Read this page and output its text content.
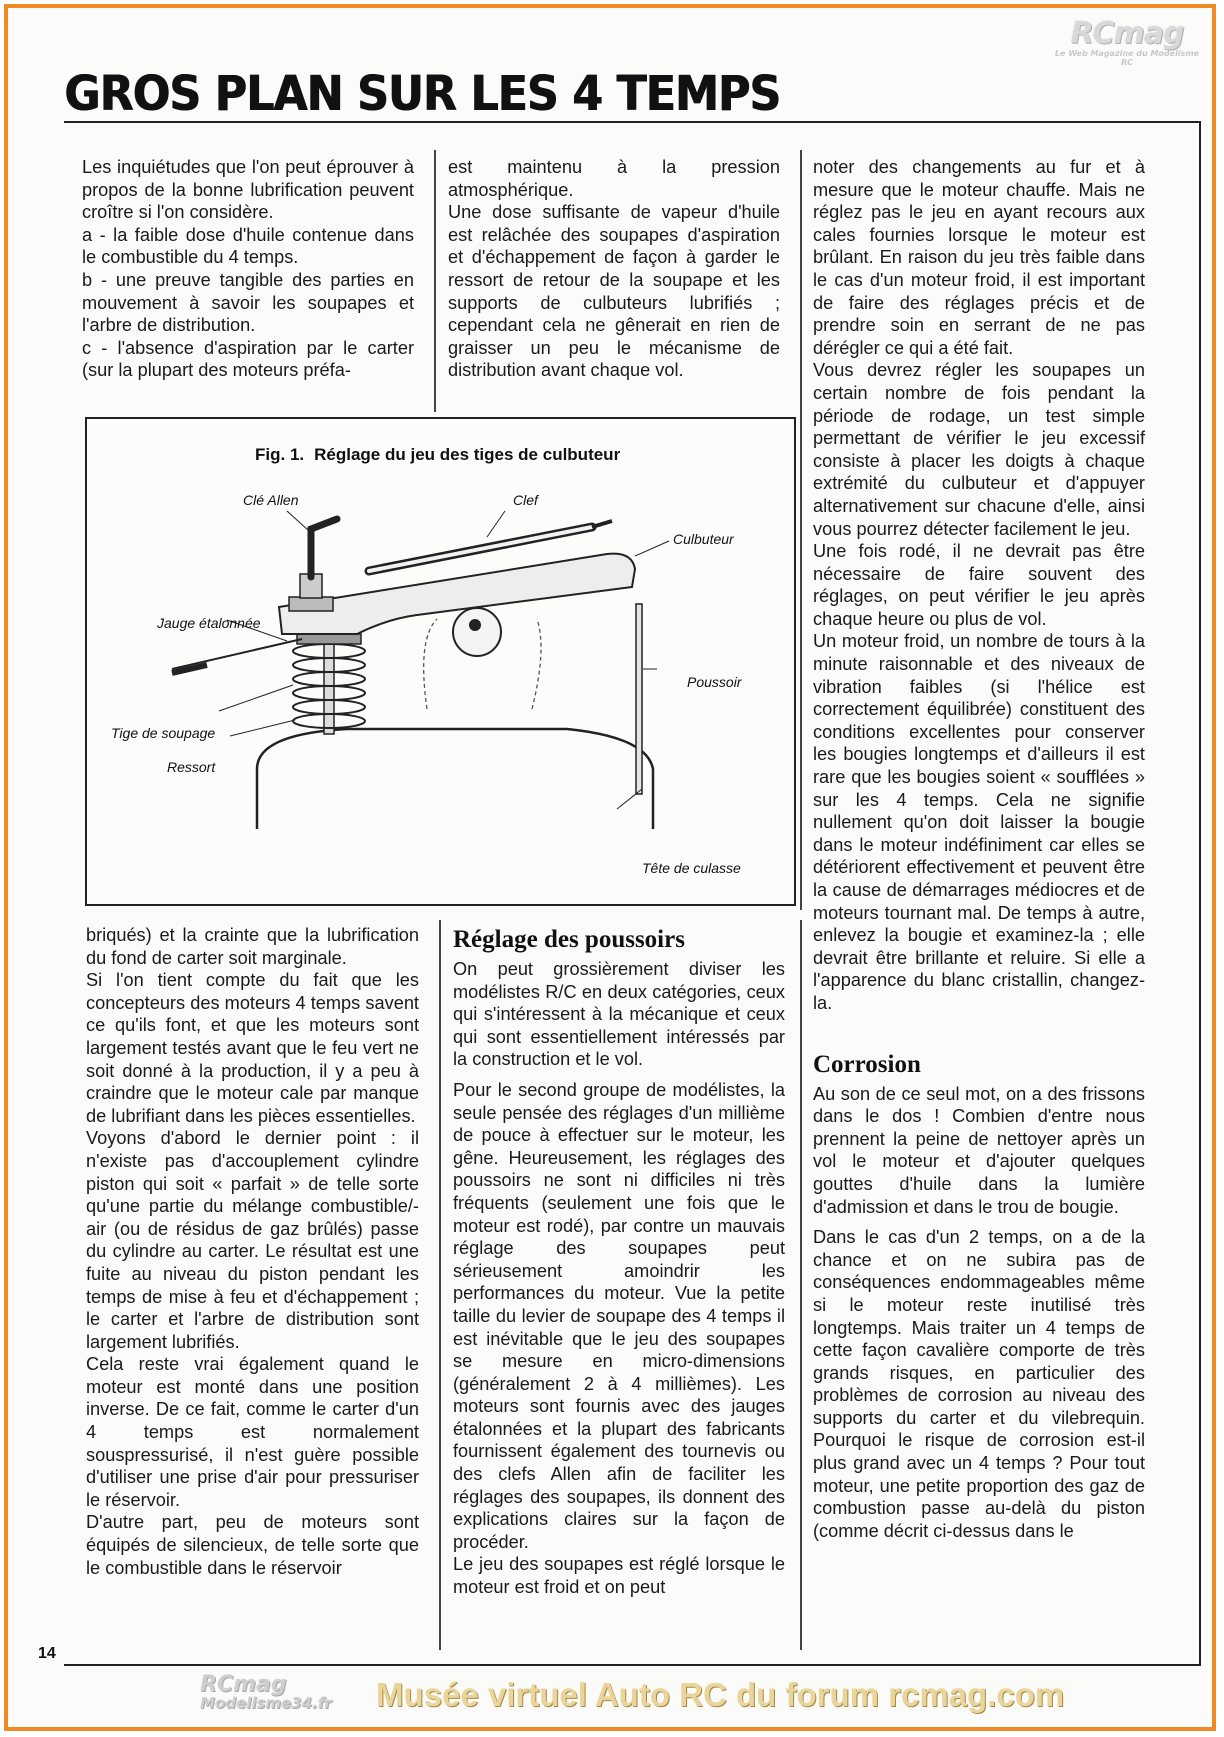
RCmag
Le Web Magazine du Modélisme RC
GROS PLAN SUR LES 4 TEMPS

Les inquiétudes que l'on peut éprouver à propos de la bonne lubrification peuvent croître si l'on considère.

a - la faible dose d'huile contenue dans le combustible du 4 temps.

b - une preuve tangible des parties en mouvement à savoir les soupapes et l'arbre de distribution.

c - l'absence d'aspiration par le carter (sur la plupart des moteurs préfa-

est maintenu à la pression atmosphérique.

Une dose suffisante de vapeur d'huile est relâchée des soupapes d'aspiration et d'échappement de façon à garder le ressort de retour de la soupape et les supports de culbuteurs lubrifiés ; cependant cela ne gênerait en rien de graisser un peu le mécanisme de distribution avant chaque vol.

Fig. 1. Réglage du jeu des tiges de culbuteur
Clé Allen	Clef
Culbuteur
Jauge étalonnée
Poussoir
Tige de soupage
Ressort
Tête de culasse

noter des changements au fur et à mesure que le moteur chauffe. Mais ne réglez pas le jeu en ayant recours aux cales fournies lorsque le moteur est brûlant. En raison du jeu très faible dans le cas d'un moteur froid, il est important de faire des réglages précis et de prendre soin en serrant de ne pas dérégler ce qui a été fait.

Vous devrez régler les soupapes un certain nombre de fois pendant la période de rodage, un test simple permettant de vérifier le jeu excessif consiste à placer les doigts à chaque extrémité du culbuteur et d'appuyer alternativement sur chacune d'elle, ainsi vous pourrez détecter facilement le jeu.

Une fois rodé, il ne devrait pas être nécessaire de faire souvent des réglages, on peut vérifier le jeu après chaque heure ou plus de vol.

Un moteur froid, un nombre de tours à la minute raisonnable et des niveaux de vibration faibles (si l'hélice est correctement équilibrée) constituent des conditions excellentes pour conserver les bougies longtemps et d'ailleurs il est rare que les bougies soient « soufflées » sur les 4 temps. Cela ne signifie nullement qu'on doit laisser la bougie dans le moteur indéfiniment car elles se détériorent effectivement et peuvent être la cause de démarrages médiocres et de moteurs tournant mal. De temps à autre, enlevez la bougie et examinez-la ; elle devrait être brillante et reluire. Si elle a l'apparence du blanc cristallin, changez-la.

Corrosion

Au son de ce seul mot, on a des frissons dans le dos ! Combien d'entre nous prennent la peine de nettoyer après un vol le moteur et d'ajouter quelques gouttes d'huile dans la lumière d'admission et dans le trou de bougie.

Dans le cas d'un 2 temps, on a de la chance et on ne subira pas de conséquences endommageables même si le moteur reste inutilisé très longtemps. Mais traiter un 4 temps de cette façon cavalière comporte de très grands risques, en particulier des problèmes de corrosion au niveau des supports du carter et du vilebrequin. Pourquoi le risque de corrosion est-il plus grand avec un 4 temps ? Pour tout moteur, une petite proportion des gaz de combustion passe au-delà du piston (comme décrit ci-dessus dans le

briqués) et la crainte que la lubrification du fond de carter soit marginale.

Si l'on tient compte du fait que les concepteurs des moteurs 4 temps savent ce qu'ils font, et que les moteurs sont largement testés avant que le feu vert ne soit donné à la production, il y a peu à craindre que le moteur cale par manque de lubrifiant dans les pièces essentielles.

Voyons d'abord le dernier point : il n'existe pas d'accouplement cylindre piston qui soit « parfait » de telle sorte qu'une partie du mélange combustible/-air (ou de résidus de gaz brûlés) passe du cylindre au carter. Le résultat est une fuite au niveau du piston pendant les temps de mise à feu et d'échappement ; le carter et l'arbre de distribution sont largement lubrifiés.

Cela reste vrai également quand le moteur est monté dans une position inverse. De ce fait, comme le carter d'un 4 temps est normalement souspressurisé, il n'est guère possible d'utiliser une prise d'air pour pressuriser le réservoir.

D'autre part, peu de moteurs sont équipés de silencieux, de telle sorte que le combustible dans le réservoir

Réglage des poussoirs

On peut grossièrement diviser les modélistes R/C en deux catégories, ceux qui s'intéressent à la mécanique et ceux qui sont essentiellement intéressés par la construction et le vol.

Pour le second groupe de modélistes, la seule pensée des réglages d'un millième de pouce à effectuer sur le moteur, les gêne. Heureusement, les réglages des poussoirs ne sont ni difficiles ni très fréquents (seulement une fois que le moteur est rodé), par contre un mauvais réglage des soupapes peut sérieusement amoindrir les performances du moteur. Vue la petite taille du levier de soupape des 4 temps il est inévitable que le jeu des soupapes se mesure en micro-dimensions (généralement 2 à 4 millièmes). Les moteurs sont fournis avec des jauges étalonnées et la plupart des fabricants fournissent également des tournevis ou des clefs Allen afin de faciliter les réglages des soupapes, ils donnent des explications claires sur la façon de procéder.

Le jeu des soupapes est réglé lorsque le moteur est froid et on peut

14
RCmag
Modelisme34.fr Musée virtuel Auto RC du forum rcmag.com
